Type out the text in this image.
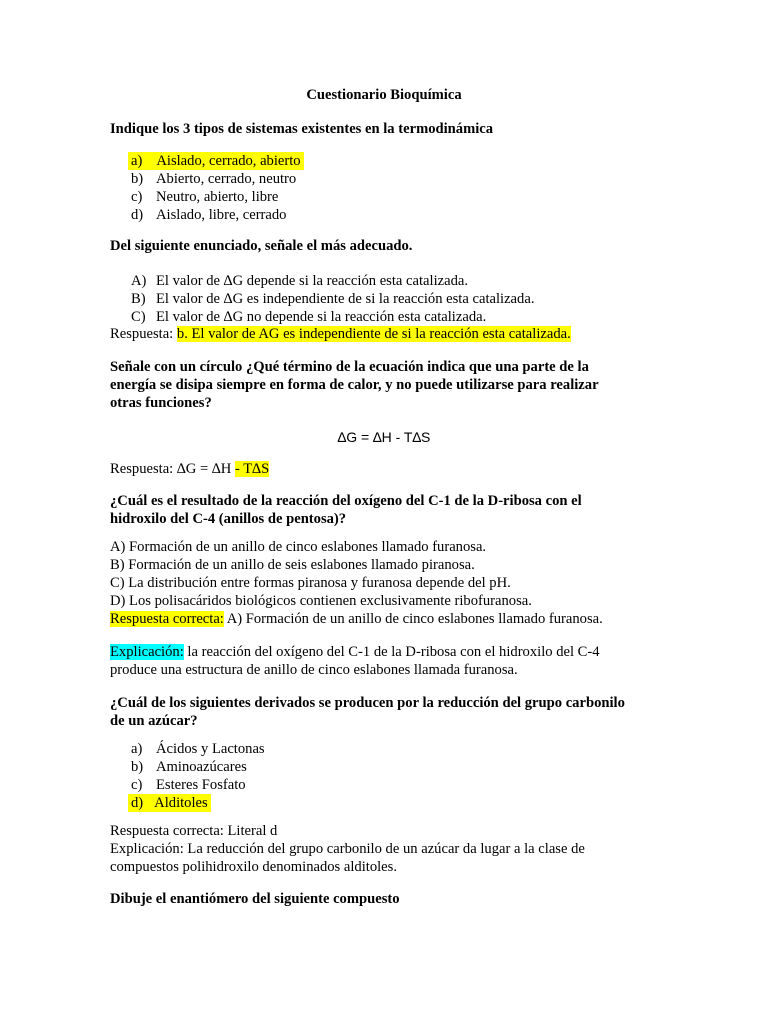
Cuestionario Bioquímica
Indique los 3 tipos de sistemas existentes en la termodinámica
a) Aislado, cerrado, abierto
b) Abierto, cerrado, neutro
c) Neutro, abierto, libre
d) Aislado, libre, cerrado
Del siguiente enunciado, señale el más adecuado.
A) El valor de ∆G depende si la reacción esta catalizada.
B) El valor de ∆G es independiente de si la reacción esta catalizada.
C) El valor de ∆G no depende si la reacción esta catalizada.
Respuesta: b. El valor de AG es independiente de si la reacción esta catalizada.
Señale con un círculo ¿Qué término de la ecuación indica que una parte de la
energía se disipa siempre en forma de calor, y no puede utilizarse para realizar
otras funciones?
∆G = ∆H - T∆S
Respuesta: ∆G = ∆H - T∆S
¿Cuál es el resultado de la reacción del oxígeno del C-1 de la D-ribosa con el
hidroxilo del C-4 (anillos de pentosa)?
A) Formación de un anillo de cinco eslabones llamado furanosa.
B) Formación de un anillo de seis eslabones llamado piranosa.
C) La distribución entre formas piranosa y furanosa depende del pH.
D) Los polisacáridos biológicos contienen exclusivamente ribofuranosa.
Respuesta correcta: A) Formación de un anillo de cinco eslabones llamado furanosa.
Explicación: la reacción del oxígeno del C-1 de la D-ribosa con el hidroxilo del C-4
produce una estructura de anillo de cinco eslabones llamada furanosa.
¿Cuál de los siguientes derivados se producen por la reducción del grupo carbonilo
de un azúcar?
a) Ácidos y Lactonas
b) Aminoazúcares
c) Esteres Fosfato
d) Alditoles
Respuesta correcta: Literal d
Explicación: La reducción del grupo carbonilo de un azúcar da lugar a la clase de
compuestos polihidroxilo denominados alditoles.
Dibuje el enantiómero del siguiente compuesto
